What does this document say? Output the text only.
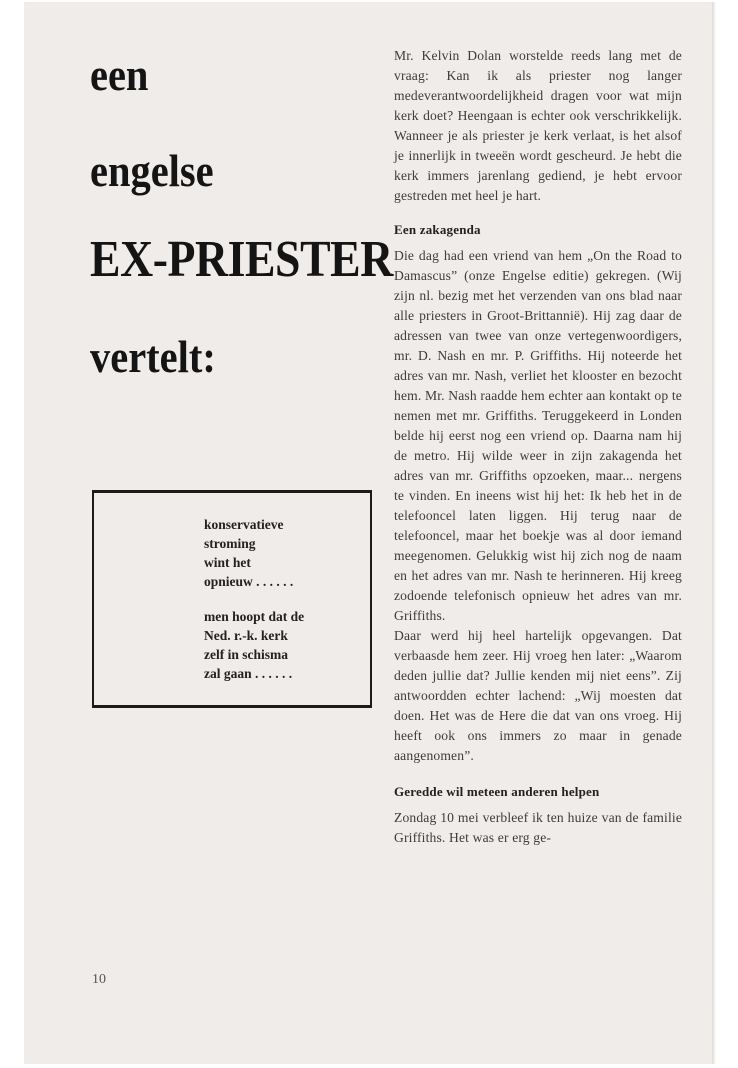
een
engelse
EX-PRIESTER
vertelt:

konservatieve
stroming
wint het
opnieuw . . . . . .

men hoopt dat de
Ned. r.-k. kerk
zelf in schisma
zal gaan . . . . . .

Mr. Kelvin Dolan worstelde reeds lang met de vraag: Kan ik als priester nog langer medeverantwoordelijkheid dragen voor wat mijn kerk doet? Heengaan is echter ook verschrikkelijk. Wanneer je als priester je kerk verlaat, is het alsof je innerlijk in tweeën wordt gescheurd. Je hebt die kerk immers jarenlang gediend, je hebt ervoor gestreden met heel je hart.

Een zakagenda

Die dag had een vriend van hem „On the Road to Damascus” (onze Engelse editie) gekregen. (Wij zijn nl. bezig met het verzenden van ons blad naar alle priesters in Groot-Brittannië). Hij zag daar de adressen van twee van onze vertegenwoordigers, mr. D. Nash en mr. P. Griffiths. Hij noteerde het adres van mr. Nash, verliet het klooster en bezocht hem. Mr. Nash raadde hem echter aan kontakt op te nemen met mr. Griffiths. Teruggekeerd in Londen belde hij eerst nog een vriend op. Daarna nam hij de metro. Hij wilde weer in zijn zakagenda het adres van mr. Griffiths opzoeken, maar... nergens te vinden. En ineens wist hij het: Ik heb het in de telefooncel laten liggen. Hij terug naar de telefooncel, maar het boekje was al door iemand meegenomen. Gelukkig wist hij zich nog de naam en het adres van mr. Nash te herinneren. Hij kreeg zodoende telefonisch opnieuw het adres van mr. Griffiths.

Daar werd hij heel hartelijk opgevangen. Dat verbaasde hem zeer. Hij vroeg hen later: „Waarom deden jullie dat? Jullie kenden mij niet eens”. Zij antwoordden echter lachend: „Wij moesten dat doen. Het was de Here die dat van ons vroeg. Hij heeft ook ons immers zo maar in genade aangenomen”.

Geredde wil meteen anderen helpen

Zondag 10 mei verbleef ik ten huize van de familie Griffiths. Het was er erg ge-

10
